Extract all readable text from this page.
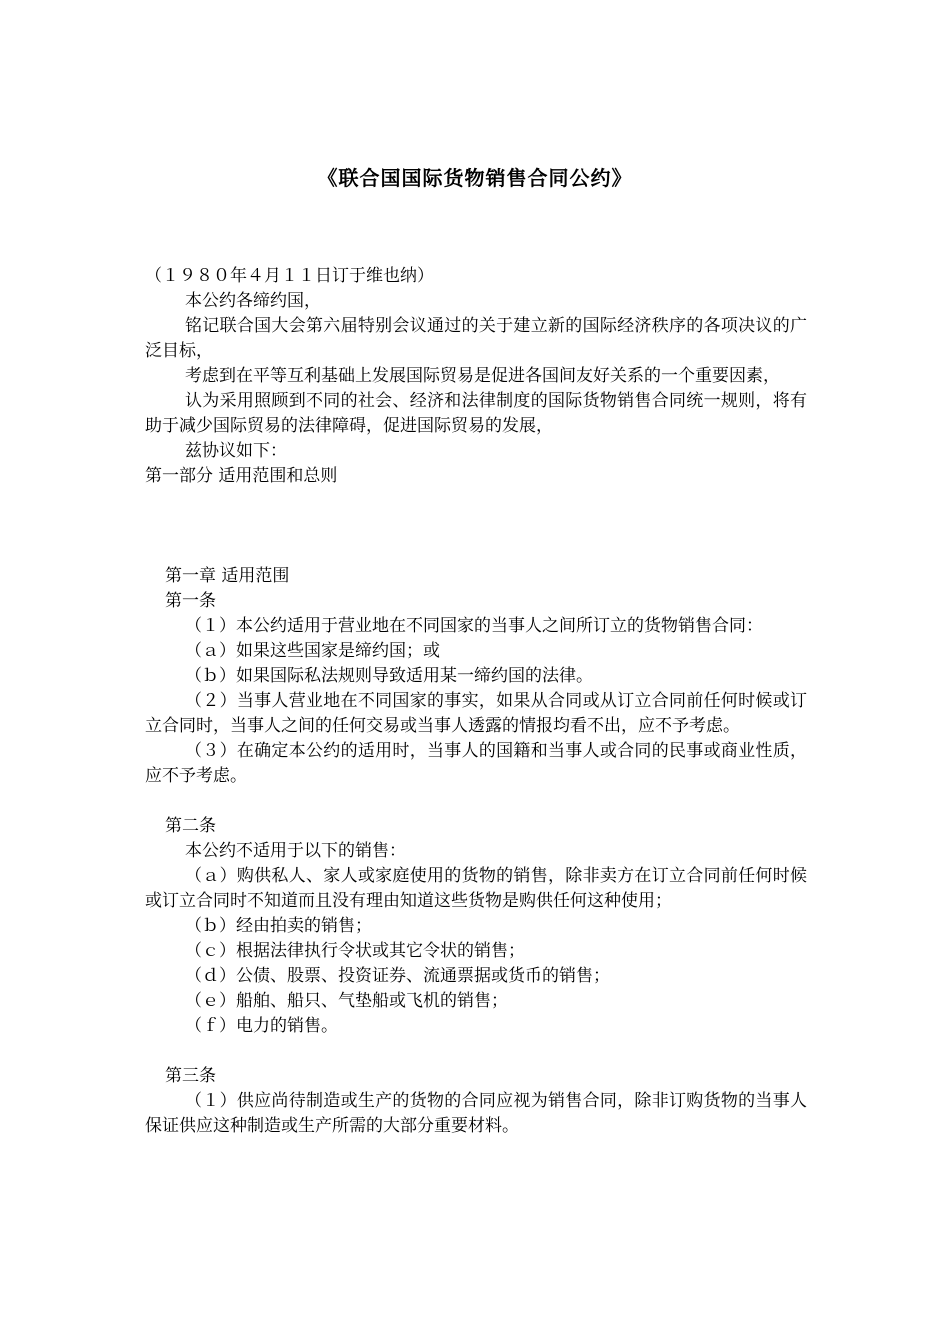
《联合国国际货物销售合同公约》

（１９８０年４月１１日订于维也纳）

本公约各缔约国，

铭记联合国大会第六届特别会议通过的关于建立新的国际经济秩序的各项决议的广泛目标，

考虑到在平等互利基础上发展国际贸易是促进各国间友好关系的一个重要因素，

认为采用照顾到不同的社会、经济和法律制度的国际货物销售合同统一规则，将有助于减少国际贸易的法律障碍，促进国际贸易的发展，

兹协议如下：

第一部分 适用范围和总则

第一章 适用范围

第一条

（１）本公约适用于营业地在不同国家的当事人之间所订立的货物销售合同：

（ａ）如果这些国家是缔约国；或

（ｂ）如果国际私法规则导致适用某一缔约国的法律。

（２）当事人营业地在不同国家的事实，如果从合同或从订立合同前任何时候或订立合同时，当事人之间的任何交易或当事人透露的情报均看不出，应不予考虑。

（３）在确定本公约的适用时，当事人的国籍和当事人或合同的民事或商业性质，应不予考虑。

第二条

本公约不适用于以下的销售：

（ａ）购供私人、家人或家庭使用的货物的销售，除非卖方在订立合同前任何时候或订立合同时不知道而且没有理由知道这些货物是购供任何这种使用；

（ｂ）经由拍卖的销售；

（ｃ）根据法律执行令状或其它令状的销售；

（ｄ）公债、股票、投资证券、流通票据或货币的销售；

（ｅ）船舶、船只、气垫船或飞机的销售；

（ｆ）电力的销售。

第三条

（１）供应尚待制造或生产的货物的合同应视为销售合同，除非订购货物的当事人保证供应这种制造或生产所需的大部分重要材料。
